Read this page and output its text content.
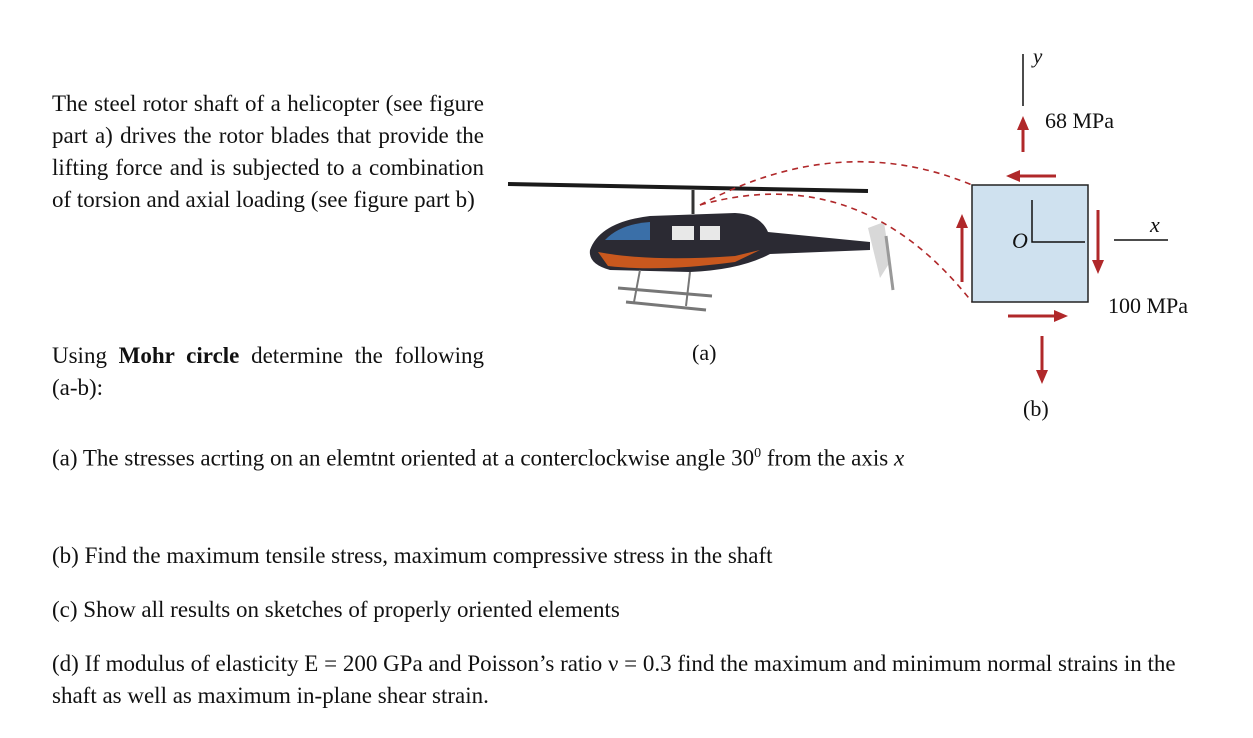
The steel rotor shaft of a helicopter (see figure part a) drives the rotor blades that provide the lifting force and is subjected to a combination of torsion and axial loading (see figure part b)
Using Mohr circle determine the following (a-b):
y
68 MPa
x
O
100 MPa
(a)
(b)
(a) The stresses acrting on an elemtnt oriented at a conterclockwise angle $30^0$ from the axis x
(b) Find the maximum tensile stress, maximum compressive stress in the shaft
(c) Show all results on sketches of properly oriented elements
(d) If modulus of elasticity E = 200 GPa and Poisson’s ratio ν = 0.3 find the maximum and minimum normal strains in the shaft as well as maximum in-plane shear strain.
